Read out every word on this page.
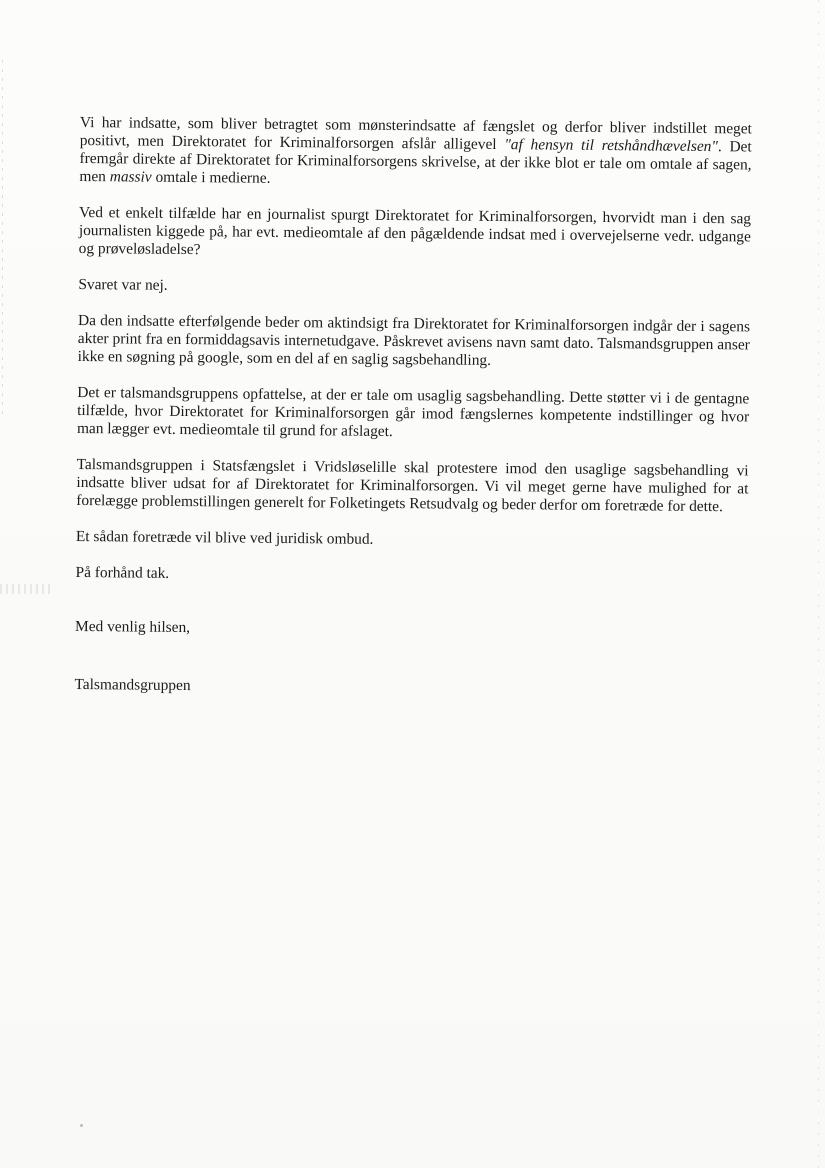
Vi har indsatte, som bliver betragtet som mønsterindsatte af fængslet og derfor bliver indstillet meget positivt, men Direktoratet for Kriminalforsorgen afslår alligevel "af hensyn til retshåndhævelsen". Det fremgår direkte af Direktoratet for Kriminalforsorgens skrivelse, at der ikke blot er tale om omtale af sagen, men massiv omtale i medierne.

Ved et enkelt tilfælde har en journalist spurgt Direktoratet for Kriminalforsorgen, hvorvidt man i den sag journalisten kiggede på, har evt. medieomtale af den pågældende indsat med i overvejelserne vedr. udgange og prøveløsladelse?

Svaret var nej.

Da den indsatte efterfølgende beder om aktindsigt fra Direktoratet for Kriminalforsorgen indgår der i sagens akter print fra en formiddagsavis internetudgave. Påskrevet avisens navn samt dato. Talsmandsgruppen anser ikke en søgning på google, som en del af en saglig sagsbehandling.

Det er talsmandsgruppens opfattelse, at der er tale om usaglig sagsbehandling. Dette støtter vi i de gentagne tilfælde, hvor Direktoratet for Kriminalforsorgen går imod fængslernes kompetente indstillinger og hvor man lægger evt. medieomtale til grund for afslaget.

Talsmandsgruppen i Statsfængslet i Vridsløselille skal protestere imod den usaglige sagsbehandling vi indsatte bliver udsat for af Direktoratet for Kriminalforsorgen. Vi vil meget gerne have mulighed for at forelægge problemstillingen generelt for Folketingets Retsudvalg og beder derfor om foretræde for dette.

Et sådan foretræde vil blive ved juridisk ombud.

På forhånd tak.

Med venlig hilsen,

Talsmandsgruppen
